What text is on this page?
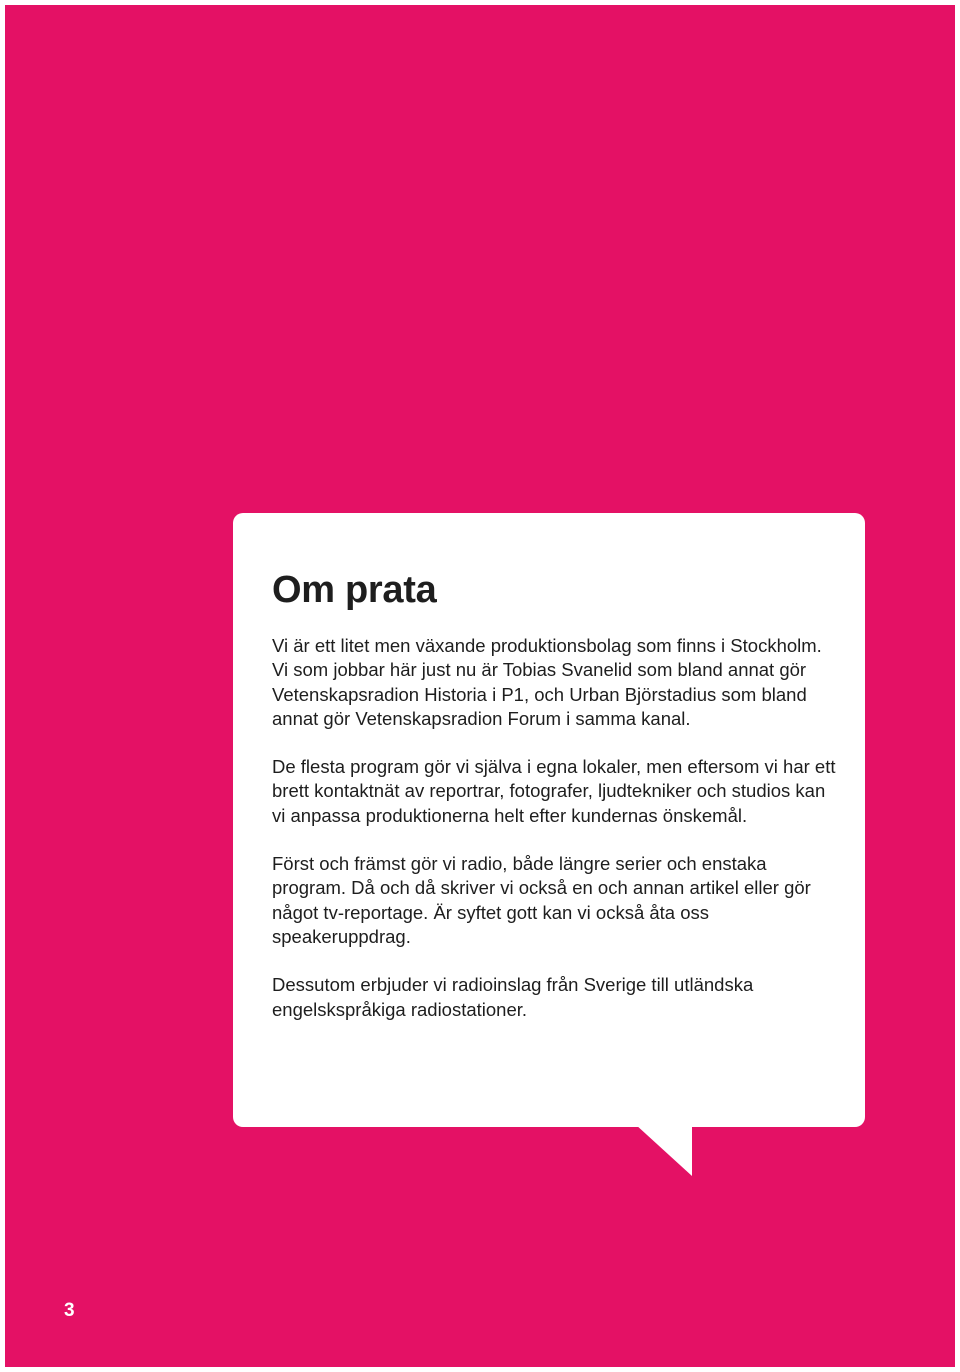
Om prata

Vi är ett litet men växande produktionsbolag som finns i Stockholm. Vi som jobbar här just nu är Tobias Svanelid som bland annat gör Vetenskapsradion Historia i P1, och Urban Björstadius som bland annat gör Vetenskapsradion Forum i samma kanal.

De flesta program gör vi själva i egna lokaler, men eftersom vi har ett brett kontaktnät av reportrar, fotografer, ljudtekniker och studios kan vi anpassa produktionerna helt efter kundernas önskemål.

Först och främst gör vi radio, både längre serier och enstaka program. Då och då skriver vi också en och annan artikel eller gör något tv-reportage. Är syftet gott kan vi också åta oss speakeruppdrag.

Dessutom erbjuder vi radioinslag från Sverige till utländska engelskspråkiga radiostationer.

3
